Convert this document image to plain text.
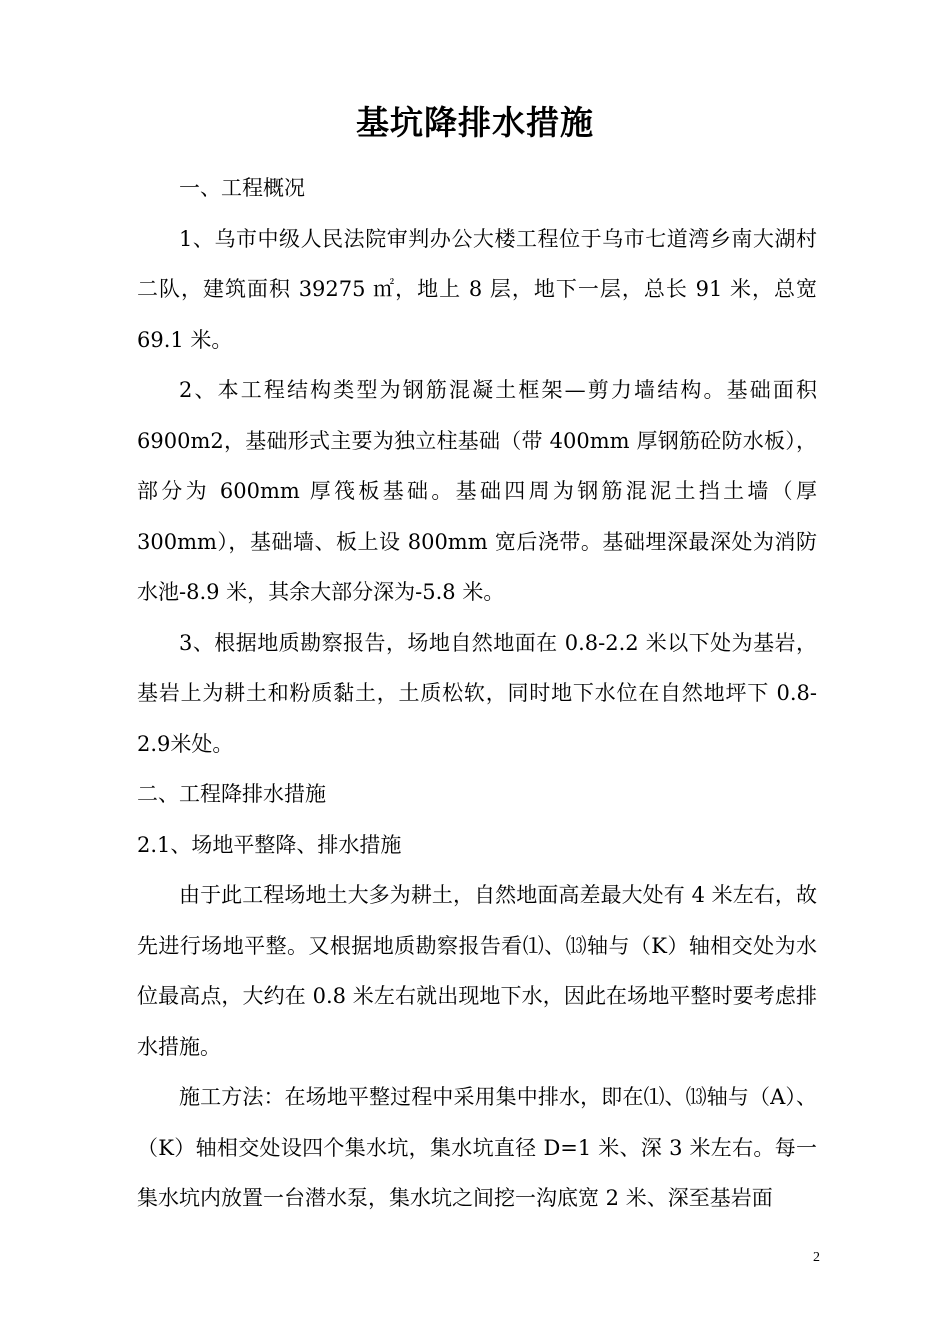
基坑降排水措施

一、工程概况

1、乌市中级人民法院审判办公大楼工程位于乌市七道湾乡南大湖村二队，建筑面积 39275 ㎡，地上 8 层，地下一层，总长 91 米，总宽 69.1 米。

2、本工程结构类型为钢筋混凝土框架—剪力墙结构。基础面积 6900m2，基础形式主要为独立柱基础（带 400mm 厚钢筋砼防水板），部分为 600mm 厚筏板基础。基础四周为钢筋混泥土挡土墙（厚 300mm），基础墙、板上设 800mm 宽后浇带。基础埋深最深处为消防水池-8.9 米，其余大部分深为-5.8 米。

3、根据地质勘察报告，场地自然地面在 0.8-2.2 米以下处为基岩，基岩上为耕土和粉质黏土，土质松软，同时地下水位在自然地坪下 0.8-2.9米处。

二、工程降排水措施

2.1、场地平整降、排水措施

由于此工程场地土大多为耕土，自然地面高差最大处有 4 米左右，故先进行场地平整。又根据地质勘察报告看⑴、⒀轴与（K）轴相交处为水位最高点，大约在 0.8 米左右就出现地下水，因此在场地平整时要考虑排水措施。

施工方法：在场地平整过程中采用集中排水，即在⑴、⒀轴与（A）、（K）轴相交处设四个集水坑，集水坑直径 D=1 米、深 3 米左右。每一集水坑内放置一台潜水泵，集水坑之间挖一沟底宽 2 米、深至基岩面

2
